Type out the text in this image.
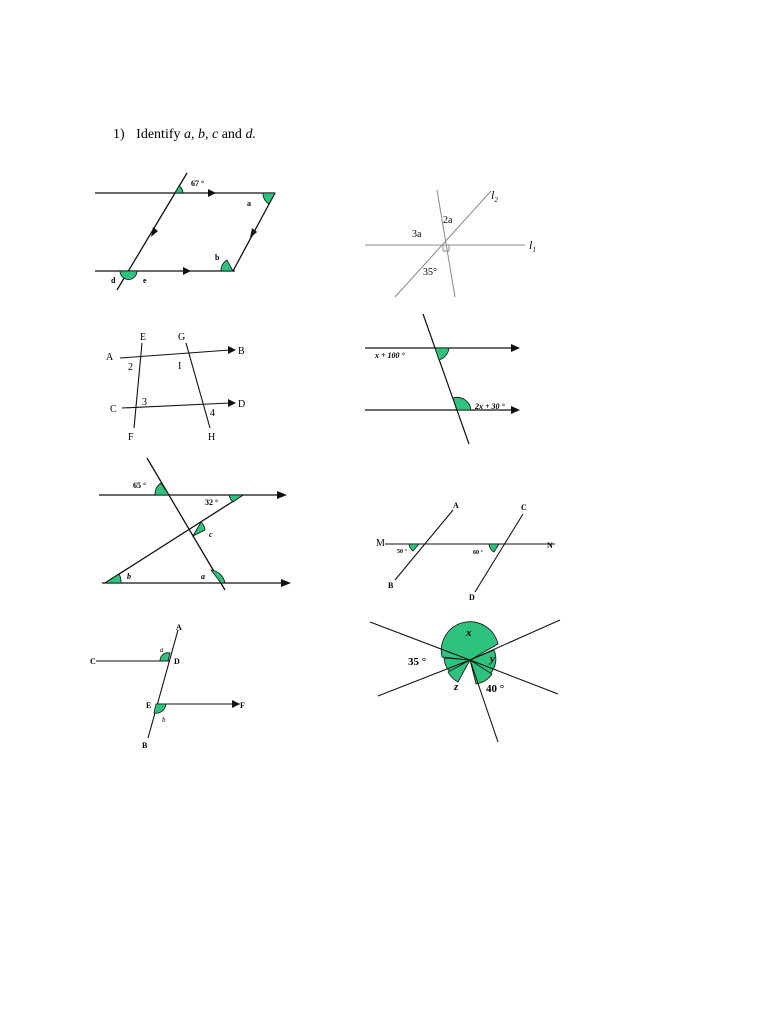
1) Identify a, b, c and d.
67 °
a
b
d	e
3a
2a
35°
$l_2$
$l_1$
E	G
A
B
C	D
F	H
I
2
3
4
x + 100 °
2x + 30 °
65 °
32 °
c
b	a
A	C
M	N
B
D
50 °	60 °
A
C	D
E	F
B
a
b
x
y
z
35 °
40 °
